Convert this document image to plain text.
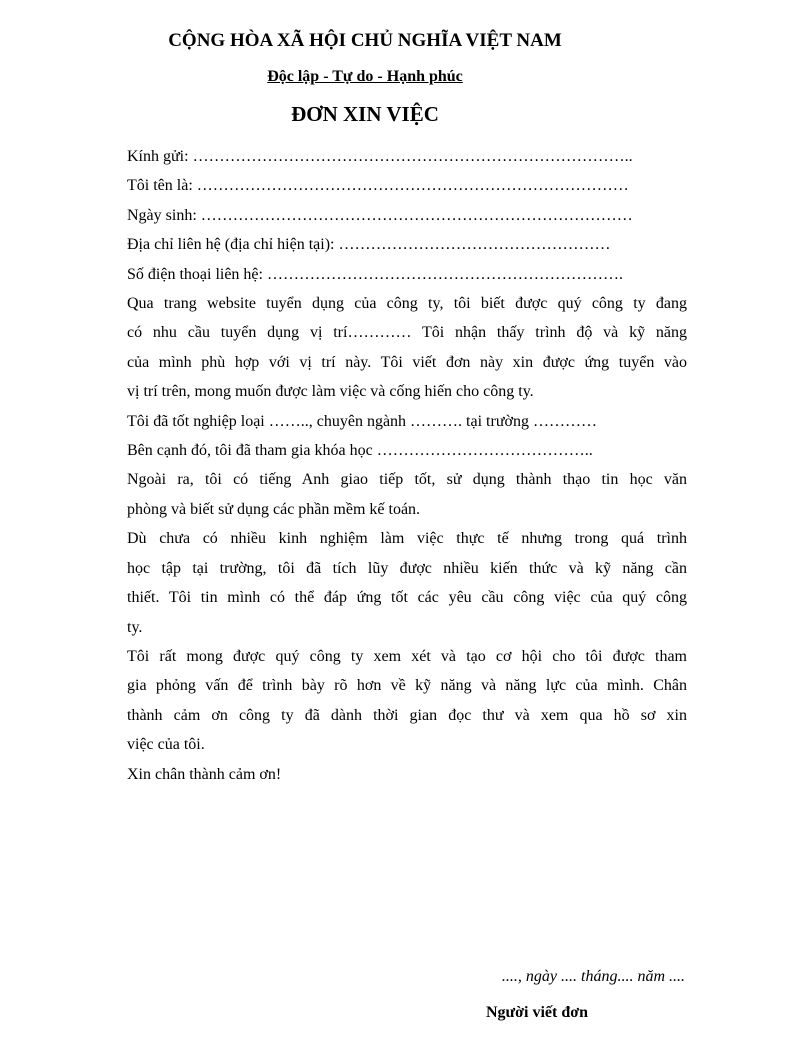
CỘNG HÒA XÃ HỘI CHỦ NGHĨA VIỆT NAM
Độc lập - Tự do - Hạnh phúc
ĐƠN XIN VIỆC
Kính gửi: ………………………………………………………………………..
Tôi tên là: ………………………………………………………………………
Ngày sinh: ………………………………………………………………………
Địa chỉ liên hệ (địa chỉ hiện tại): ……………………………………………
Số điện thoại liên hệ: ………………………………………………………….
Qua trang website tuyển dụng của công ty, tôi biết được quý công ty đang
có nhu cầu tuyển dụng vị trí………… Tôi nhận thấy trình độ và kỹ năng
của mình phù hợp với vị trí này. Tôi viết đơn này xin được ứng tuyển vào
vị trí trên, mong muốn được làm việc và cống hiến cho công ty.
Tôi đã tốt nghiệp loại …….., chuyên ngành ………. tại trường …………
Bên cạnh đó, tôi đã tham gia khóa học …………………………………..
Ngoài ra, tôi có tiếng Anh giao tiếp tốt, sử dụng thành thạo tin học văn
phòng và biết sử dụng các phần mềm kế toán.
Dù chưa có nhiều kinh nghiệm làm việc thực tế nhưng trong quá trình
học tập tại trường, tôi đã tích lũy được nhiều kiến thức và kỹ năng cần
thiết. Tôi tin mình có thể đáp ứng tốt các yêu cầu công việc của quý công
ty.
Tôi rất mong được quý công ty xem xét và tạo cơ hội cho tôi được tham
gia phỏng vấn để trình bày rõ hơn về kỹ năng và năng lực của mình. Chân
thành cảm ơn công ty đã dành thời gian đọc thư và xem qua hồ sơ xin
việc của tôi.
Xin chân thành cảm ơn!
...., ngày .... tháng.... năm ....
Người viết đơn
